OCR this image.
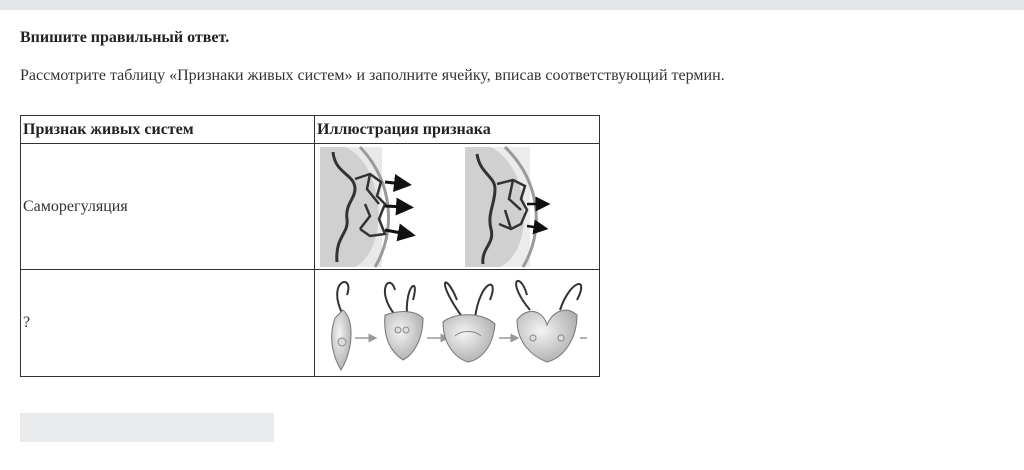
Впишите правильный ответ.
Рассмотрите таблицу «Признаки живых систем» и заполните ячейку, вписав соответствующий термин.
Признак живых систем	Иллюстрация признака
Саморегуляция	

?	
